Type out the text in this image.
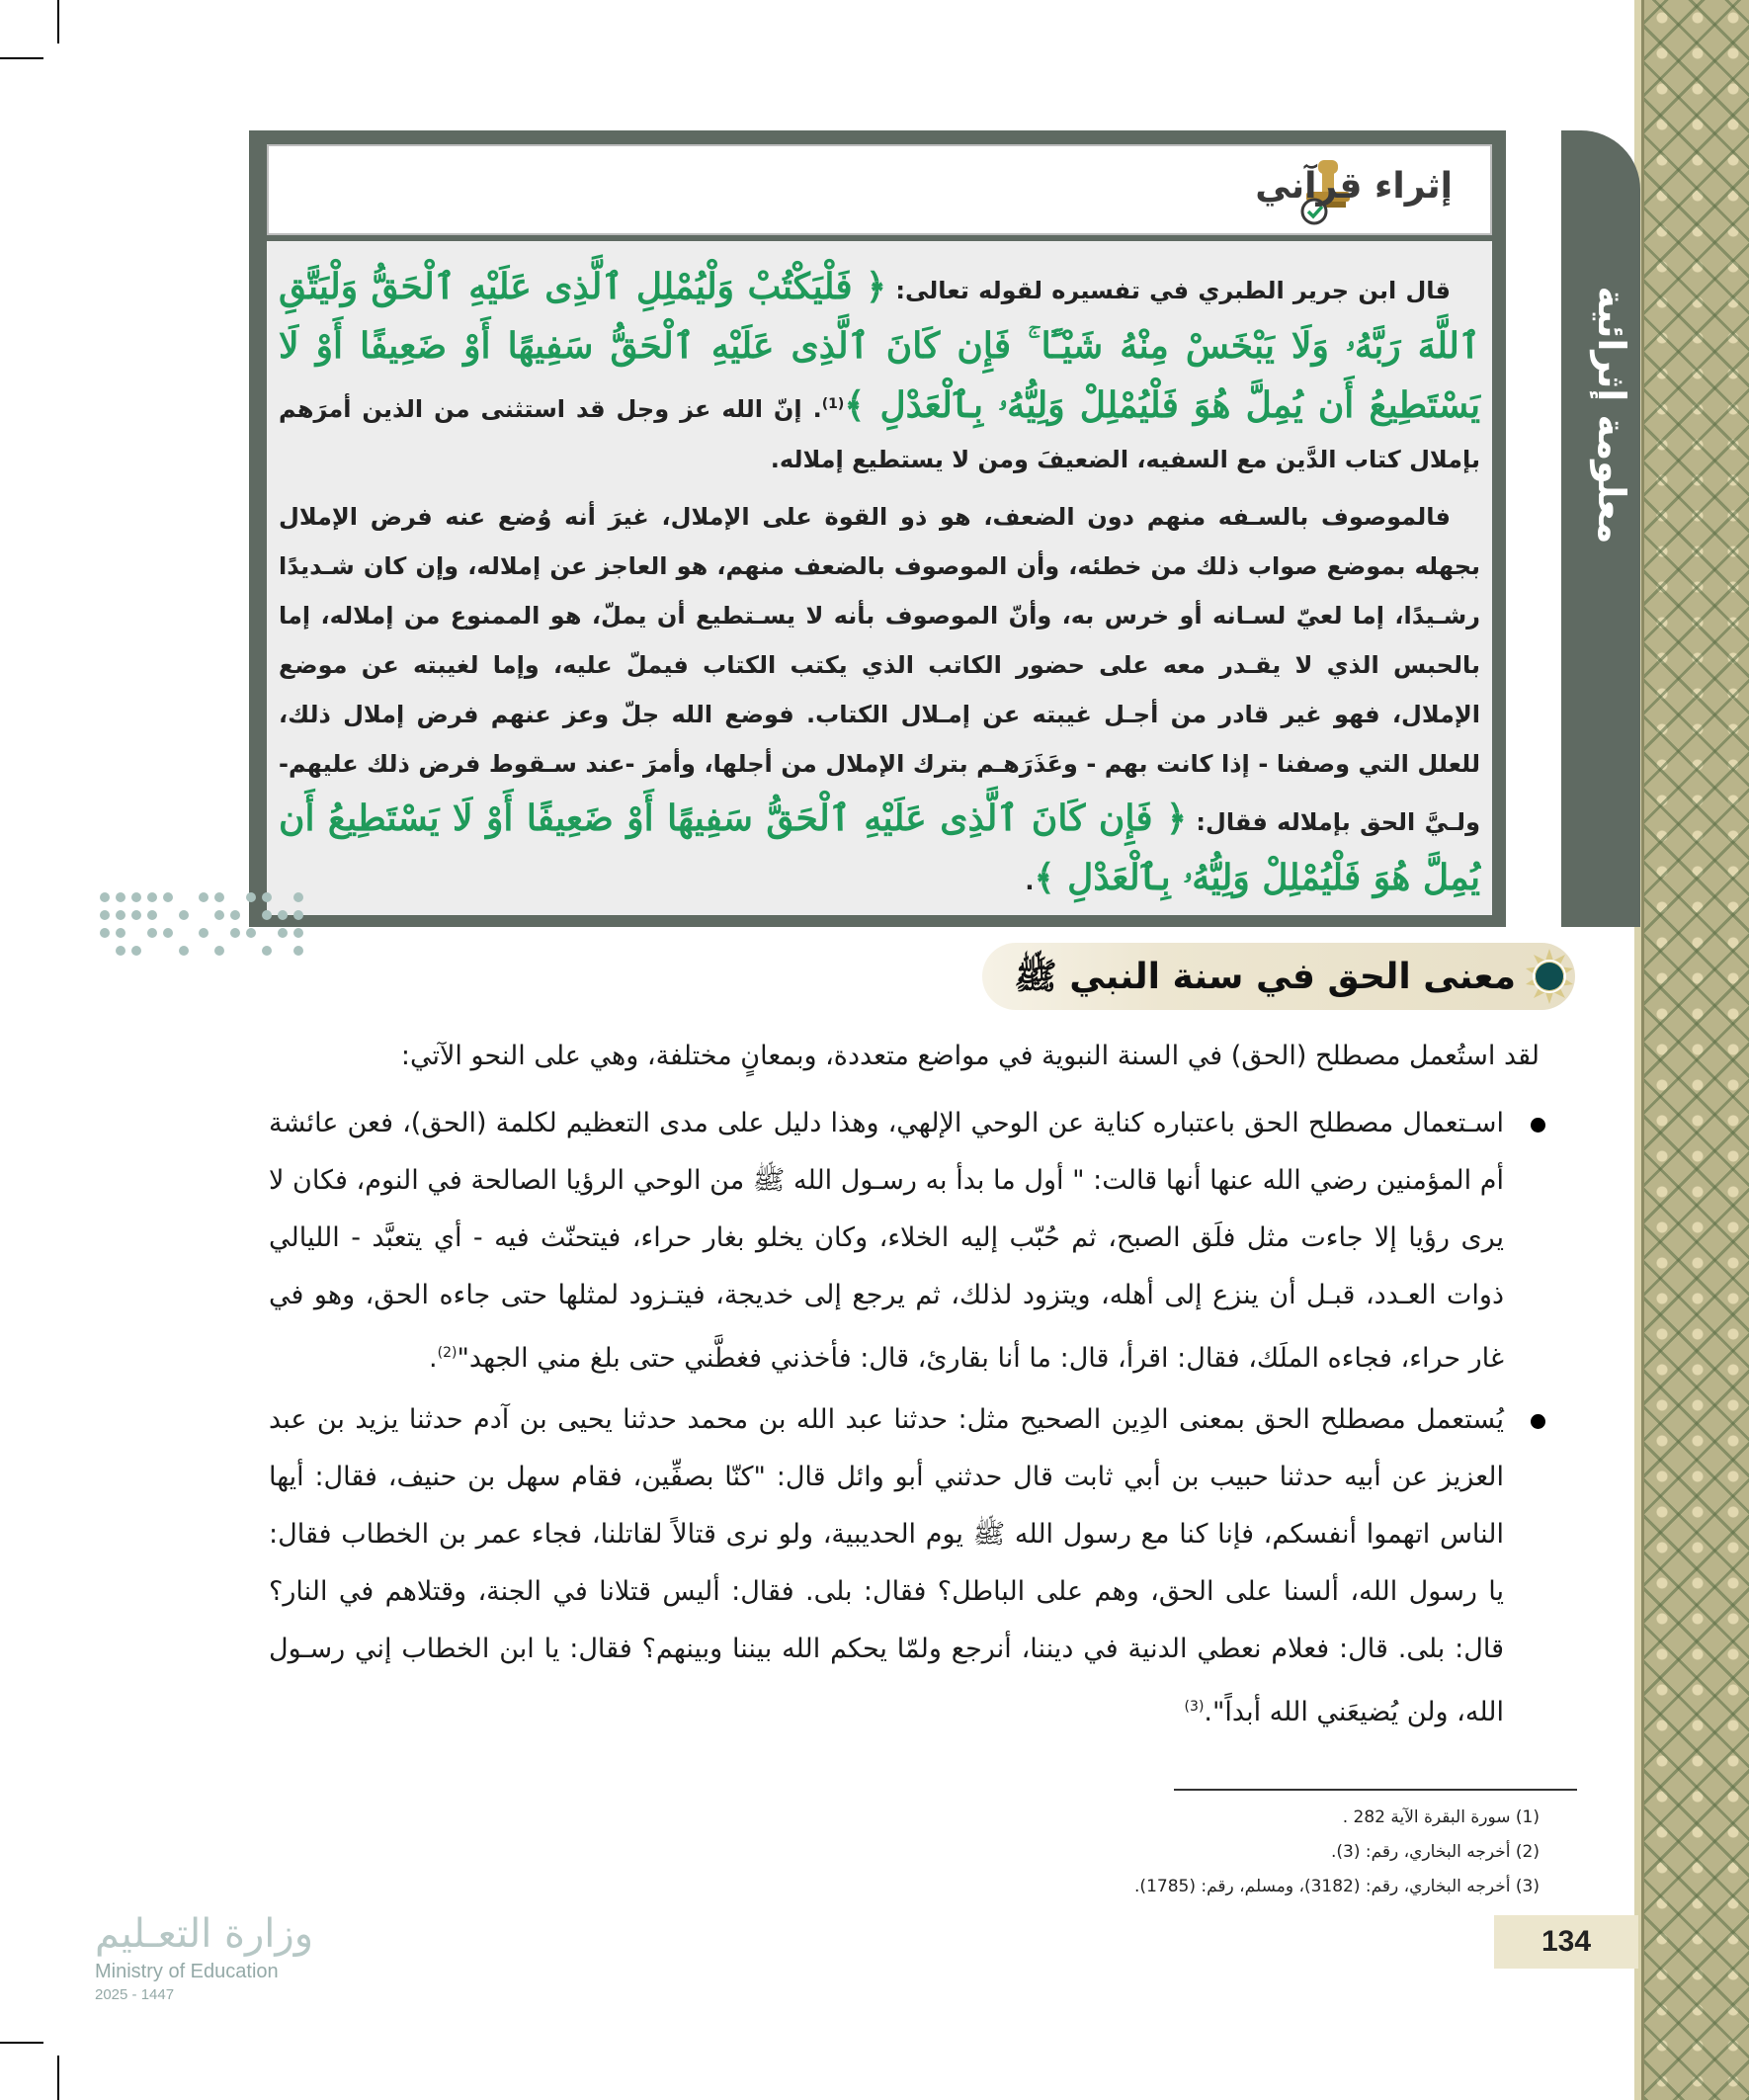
معلومة إثرائية
إثراء قرآني

قال ابن جرير الطبري في تفسيره لقوله تعالى: ﴿ فَلْيَكْتُبْ وَلْيُمْلِلِ ٱلَّذِى عَلَيْهِ ٱلْحَقُّ وَلْيَتَّقِ ٱللَّهَ رَبَّهُۥ وَلَا يَبْخَسْ مِنْهُ شَيْـًٔا ۚ فَإِن كَانَ ٱلَّذِى عَلَيْهِ ٱلْحَقُّ سَفِيهًا أَوْ ضَعِيفًا أَوْ لَا يَسْتَطِيعُ أَن يُمِلَّ هُوَ فَلْيُمْلِلْ وَلِيُّهُۥ بِٱلْعَدْلِ ﴾$^{(1)}$. إنّ الله عز وجل قد استثنى من الذين أمرَهم بإملال كتاب الدَّين مع السفيه، الضعيفَ ومن لا يستطيع إملاله.

فالموصوف بالسـفه منهم دون الضعف، هو ذو القوة على الإملال، غيرَ أنه وُضع عنه فرض الإملال بجهله بموضع صواب ذلك من خطئه، وأن الموصوف بالضعف منهم، هو العاجز عن إملاله، وإن كان شـديدًا رشـيدًا، إما لعيّ لسـانه أو خرس به، وأنّ الموصوف بأنه لا يسـتطيع أن يملّ، هو الممنوع من إملاله، إما بالحبس الذي لا يقـدر معه على حضور الكاتب الذي يكتب الكتاب فيملّ عليه، وإما لغيبته عن موضع الإملال، فهو غير قادر من أجـل غيبته عن إمـلال الكتاب. فوضع الله جلّ وعز عنهم فرض إملال ذلك، للعلل التي وصفنا - إذا كانت بهم - وعَذَرَهـم بترك الإملال من أجلها، وأمرَ -عند سـقوط فرض ذلك عليهم- ولـيَّ الحق بإملاله فقال: ﴿ فَإِن كَانَ ٱلَّذِى عَلَيْهِ ٱلْحَقُّ سَفِيهًا أَوْ ضَعِيفًا أَوْ لَا يَسْتَطِيعُ أَن يُمِلَّ هُوَ فَلْيُمْلِلْ وَلِيُّهُۥ بِٱلْعَدْلِ ﴾.

معنى الحق في سنة النبي ﷺ
لقد استُعمل مصطلح (الحق) في السنة النبوية في مواضع متعددة، وبمعانٍ مختلفة، وهي على النحو الآتي:
اسـتعمال مصطلح الحق باعتباره كناية عن الوحي الإلهي، وهذا دليل على مدى التعظيم لكلمة (الحق)، فعن عائشة أم المؤمنين رضي الله عنها أنها قالت: " أول ما بدأ به رسـول الله ﷺ من الوحي الرؤيا الصالحة في النوم، فكان لا يرى رؤيا إلا جاءت مثل فلَق الصبح، ثم حُبّب إليه الخلاء، وكان يخلو بغار حراء، فيتحنّث فيه - أي يتعبَّد - الليالي ذوات العـدد، قبـل أن ينزع إلى أهله، ويتزود لذلك، ثم يرجع إلى خديجة، فيتـزود لمثلها حتى جاءه الحق، وهو في غار حراء، فجاءه الملَك، فقال: اقرأ، قال: ما أنا بقارئ، قال: فأخذني فغطَّني حتى بلغ مني الجهد"$^{(2)}$.
يُستعمل مصطلح الحق بمعنى الدِين الصحيح مثل: حدثنا عبد الله بن محمد حدثنا يحيى بن آدم حدثنا يزيد بن عبد العزيز عن أبيه حدثنا حبيب بن أبي ثابت قال حدثني أبو وائل قال: "كنّا بصفِّين، فقام سهل بن حنيف، فقال: أيها الناس اتهموا أنفسكم، فإنا كنا مع رسول الله ﷺ يوم الحديبية، ولو نرى قتالاً لقاتلنا، فجاء عمر بن الخطاب فقال: يا رسول الله، ألسنا على الحق، وهم على الباطل؟ فقال: بلى. فقال: أليس قتلانا في الجنة، وقتلاهم في النار؟ قال: بلى. قال: فعلام نعطي الدنية في ديننا، أنرجع ولمّا يحكم الله بيننا وبينهم؟ فقال: يا ابن الخطاب إني رسـول الله، ولن يُضيعَني الله أبداً".$^{(3)}$
(1) سورة البقرة الآية 282 .
(2) أخرجه البخاري، رقم: (3).
(3) أخرجه البخاري، رقم: (3182)، ومسلم، رقم: (1785).
134
وزارة التعـليم
Ministry of Education
2025 - 1447
